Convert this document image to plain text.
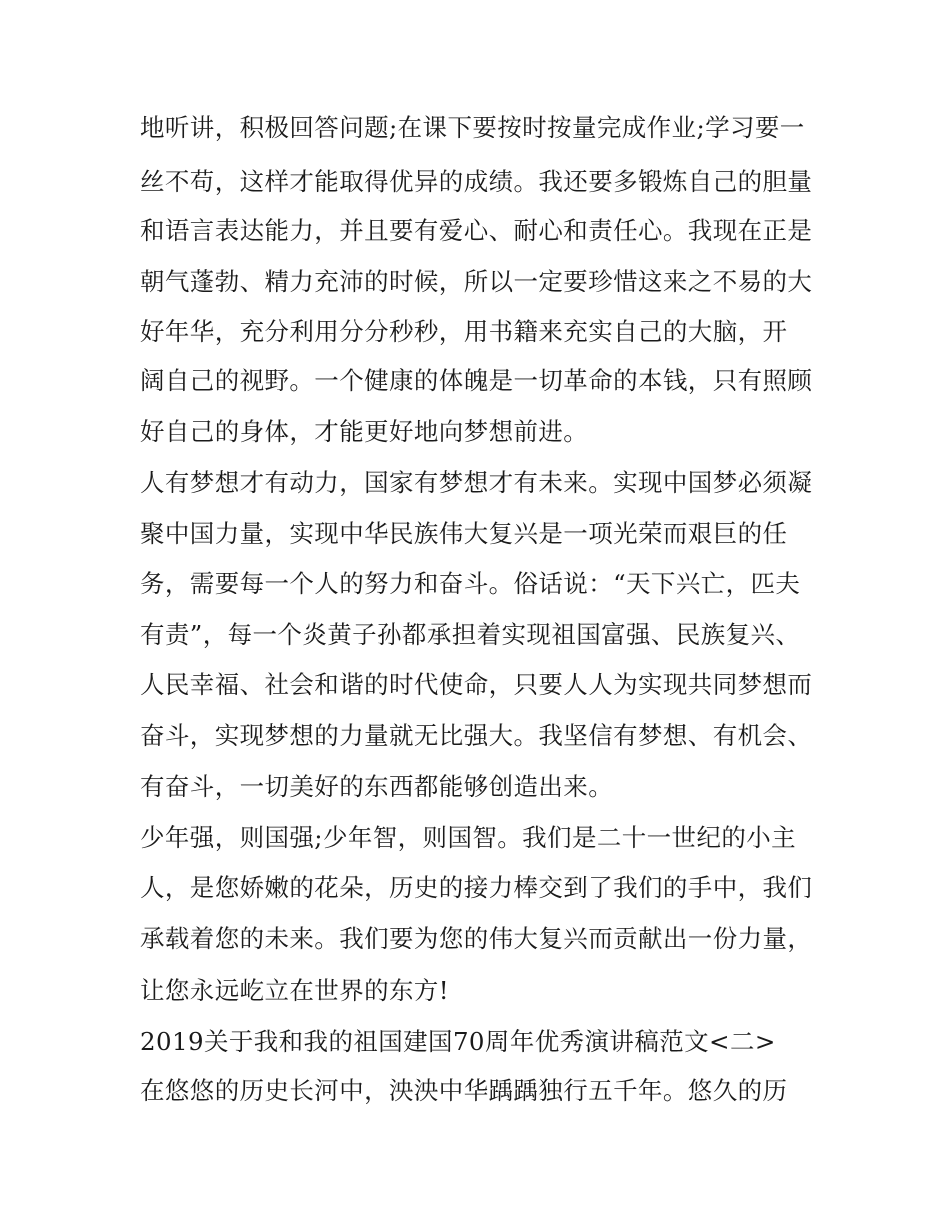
地听讲，积极回答问题;在课下要按时按量完成作业;学习要一
丝不苟，这样才能取得优异的成绩。我还要多锻炼自己的胆量
和语言表达能力，并且要有爱心、耐心和责任心。我现在正是
朝气蓬勃、精力充沛的时候，所以一定要珍惜这来之不易的大
好年华，充分利用分分秒秒，用书籍来充实自己的大脑，开
阔自己的视野。一个健康的体魄是一切革命的本钱，只有照顾
好自己的身体，才能更好地向梦想前进。
人有梦想才有动力，国家有梦想才有未来。实现中国梦必须凝
聚中国力量，实现中华民族伟大复兴是一项光荣而艰巨的任
务，需要每一个人的努力和奋斗。俗话说：“天下兴亡，匹夫
有责”，每一个炎黄子孙都承担着实现祖国富强、民族复兴、
人民幸福、社会和谐的时代使命，只要人人为实现共同梦想而
奋斗，实现梦想的力量就无比强大。我坚信有梦想、有机会、
有奋斗，一切美好的东西都能够创造出来。
少年强，则国强;少年智，则国智。我们是二十一世纪的小主
人，是您娇嫩的花朵，历史的接力棒交到了我们的手中，我们
承载着您的未来。我们要为您的伟大复兴而贡献出一份力量，
让您永远屹立在世界的东方!
2019关于我和我的祖国建国70周年优秀演讲稿范文<二>
在悠悠的历史长河中，泱泱中华踽踽独行五千年。悠久的历
